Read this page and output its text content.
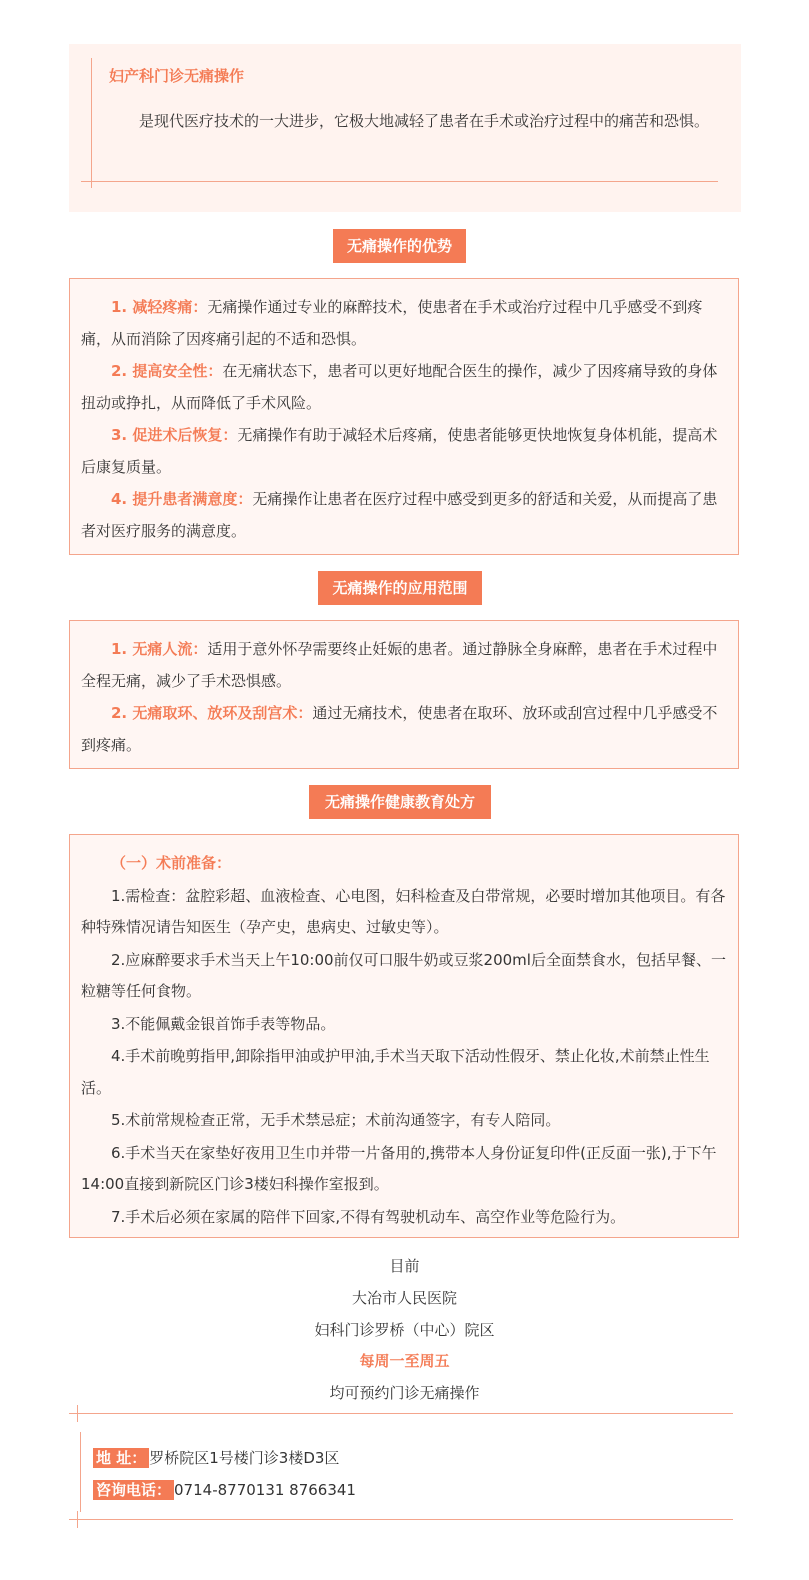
妇产科门诊无痛操作
是现代医疗技术的一大进步，它极大地减轻了患者在手术或治疗过程中的痛苦和恐惧。
无痛操作的优势

1. 减轻疼痛：无痛操作通过专业的麻醉技术，使患者在手术或治疗过程中几乎感受不到疼痛，从而消除了因疼痛引起的不适和恐惧。

2. 提高安全性：在无痛状态下，患者可以更好地配合医生的操作，减少了因疼痛导致的身体扭动或挣扎，从而降低了手术风险。

3. 促进术后恢复：无痛操作有助于减轻术后疼痛，使患者能够更快地恢复身体机能，提高术后康复质量。

4. 提升患者满意度：无痛操作让患者在医疗过程中感受到更多的舒适和关爱，从而提高了患者对医疗服务的满意度。

无痛操作的应用范围

1. 无痛人流：适用于意外怀孕需要终止妊娠的患者。通过静脉全身麻醉，患者在手术过程中全程无痛，减少了手术恐惧感。

2. 无痛取环、放环及刮宫术：通过无痛技术，使患者在取环、放环或刮宫过程中几乎感受不到疼痛。

无痛操作健康教育处方

（一）术前准备：

1.需检查：盆腔彩超、血液检查、心电图，妇科检查及白带常规，必要时增加其他项目。有各种特殊情况请告知医生（孕产史，患病史、过敏史等）。

2.应麻醉要求手术当天上午10:00前仅可口服牛奶或豆浆200ml后全面禁食水，包括早餐、一粒糖等任何食物。

3.不能佩戴金银首饰手表等物品。

4.手术前晚剪指甲,卸除指甲油或护甲油,手术当天取下活动性假牙、禁止化妆,术前禁止性生活。

5.术前常规检查正常，无手术禁忌症；术前沟通签字，有专人陪同。

6.手术当天在家垫好夜用卫生巾并带一片备用的,携带本人身份证复印件(正反面一张),于下午14:00直接到新院区门诊3楼妇科操作室报到。

7.手术后必须在家属的陪伴下回家,不得有驾驶机动车、高空作业等危险行为。

目前
大冶市人民医院
妇科门诊罗桥（中心）院区
每周一至周五
均可预约门诊无痛操作
地 址： 罗桥院区1号楼门诊3楼D3区
咨询电话： 0714-8770131 8766341
